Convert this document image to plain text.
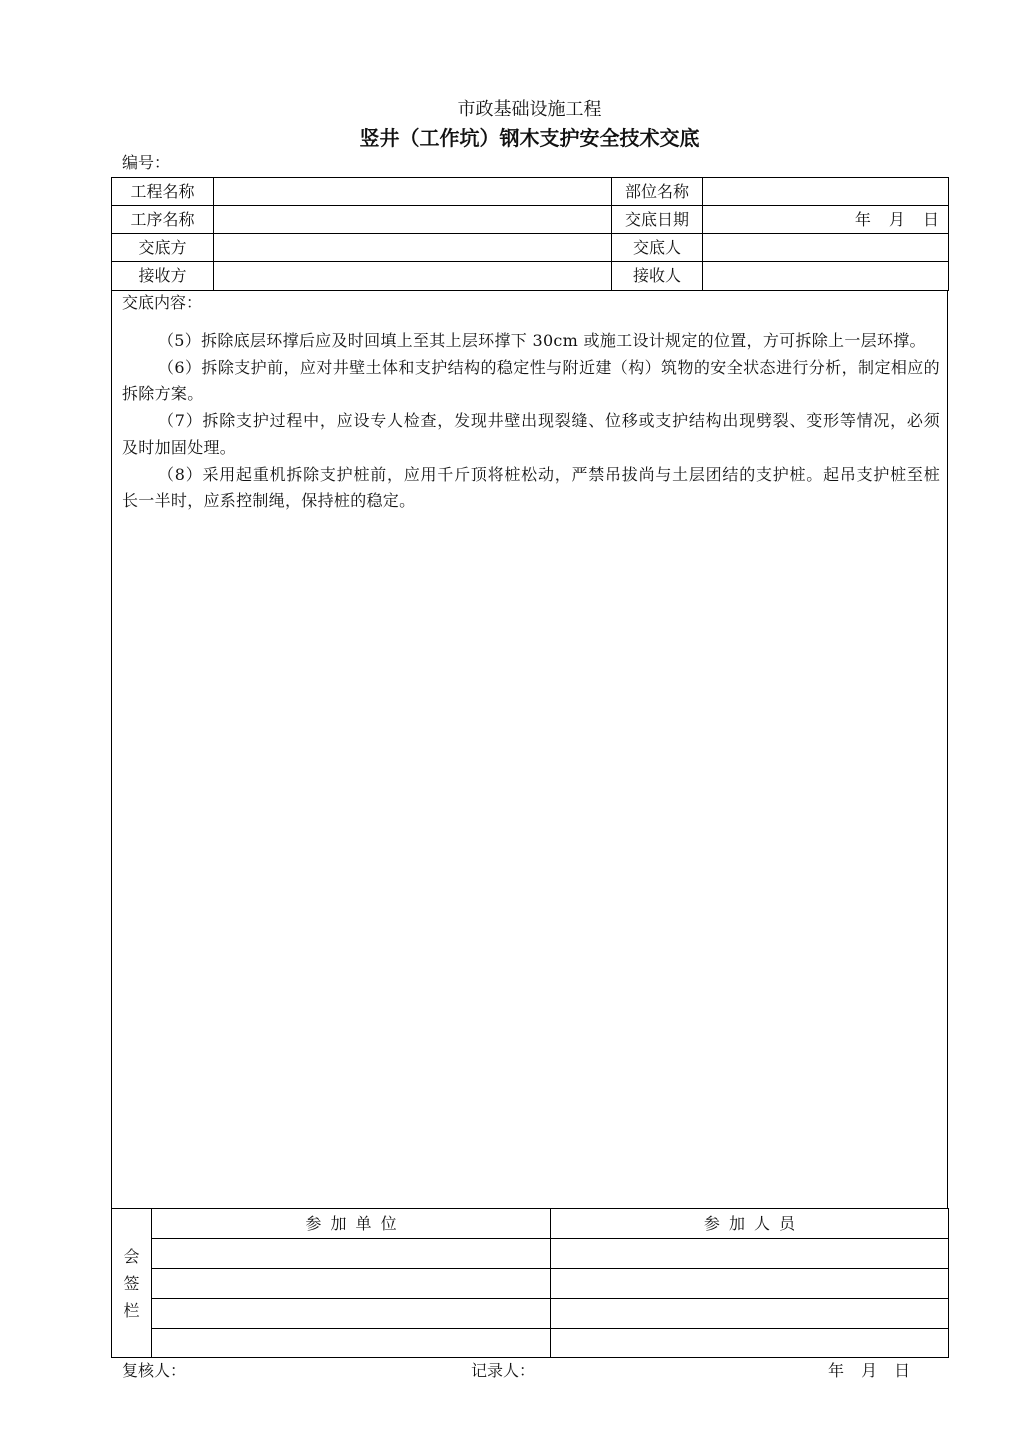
市政基础设施工程
竖井（工作坑）钢木支护安全技术交底
编号：
工程名称		部位名称	
工序名称		交底日期	年 月 日
交底方		交底人	
接收方		接收人	
交底内容：
（5）拆除底层环撑后应及时回填上至其上层环撑下 30cm 或施工设计规定的位置，方可拆除上一层环撑。
（6）拆除支护前，应对井壁土体和支护结构的稳定性与附近建（构）筑物的安全状态进行分析，制定相应的
拆除方案。
（7）拆除支护过程中，应设专人检查，发现井壁出现裂缝、位移或支护结构出现劈裂、变形等情况，必须
及时加固处理。
（8）采用起重机拆除支护桩前，应用千斤顶将桩松动，严禁吊拔尚与土层团结的支护桩。起吊支护桩至桩
长一半时，应系控制绳，保持桩的稳定。
会签栏	参 加 单 位	参 加 人 员

复核人：	记录人：	年 月 日
